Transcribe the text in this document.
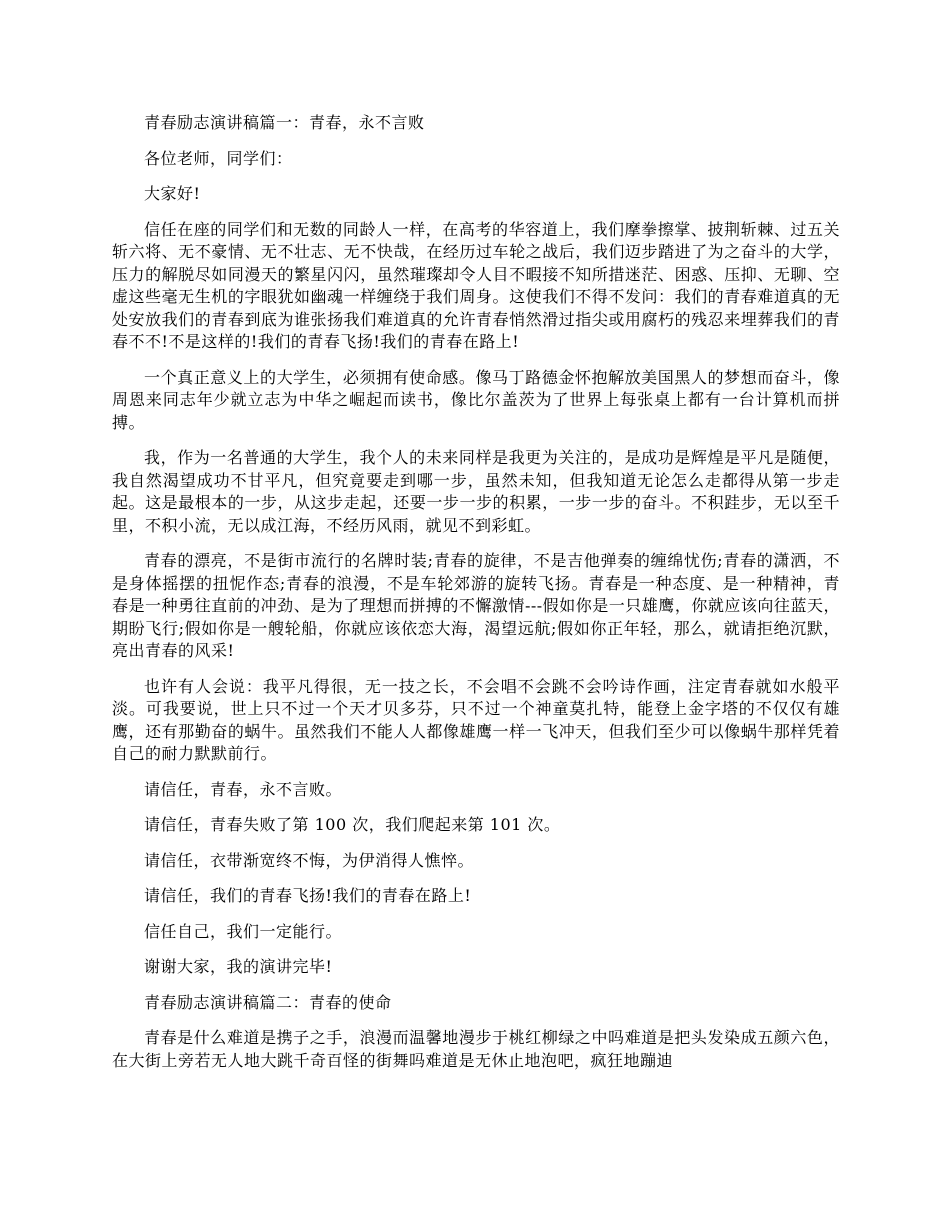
青春励志演讲稿篇一：青春，永不言败

各位老师，同学们：

大家好!

信任在座的同学们和无数的同龄人一样，在高考的华容道上，我们摩拳擦掌、披荆斩棘、过五关斩六将、无不豪情、无不壮志、无不快哉，在经历过车轮之战后，我们迈步踏进了为之奋斗的大学，压力的解脱尽如同漫天的繁星闪闪，虽然璀璨却令人目不暇接不知所措迷茫、困惑、压抑、无聊、空虚这些毫无生机的字眼犹如幽魂一样缠绕于我们周身。这使我们不得不发问：我们的青春难道真的无处安放我们的青春到底为谁张扬我们难道真的允许青春悄然滑过指尖或用腐朽的残忍来埋葬我们的青春不不!不是这样的!我们的青春飞扬!我们的青春在路上!

一个真正意义上的大学生，必须拥有使命感。像马丁路德金怀抱解放美国黑人的梦想而奋斗，像周恩来同志年少就立志为中华之崛起而读书，像比尔盖茨为了世界上每张桌上都有一台计算机而拼搏。

我，作为一名普通的大学生，我个人的未来同样是我更为关注的，是成功是辉煌是平凡是随便，我自然渴望成功不甘平凡，但究竟要走到哪一步，虽然未知，但我知道无论怎么走都得从第一步走起。这是最根本的一步，从这步走起，还要一步一步的积累，一步一步的奋斗。不积跬步，无以至千里，不积小流，无以成江海，不经历风雨，就见不到彩虹。

青春的漂亮，不是街市流行的名牌时装;青春的旋律，不是吉他弹奏的缠绵忧伤;青春的潇洒，不是身体摇摆的扭怩作态;青春的浪漫，不是车轮郊游的旋转飞扬。青春是一种态度、是一种精神，青春是一种勇往直前的冲劲、是为了理想而拼搏的不懈激情---假如你是一只雄鹰，你就应该向往蓝天，期盼飞行;假如你是一艘轮船，你就应该依恋大海，渴望远航;假如你正年轻，那么，就请拒绝沉默，亮出青春的风采!

也许有人会说：我平凡得很，无一技之长，不会唱不会跳不会吟诗作画，注定青春就如水般平淡。可我要说，世上只不过一个天才贝多芬，只不过一个神童莫扎特，能登上金字塔的不仅仅有雄鹰，还有那勤奋的蜗牛。虽然我们不能人人都像雄鹰一样一飞冲天，但我们至少可以像蜗牛那样凭着自己的耐力默默前行。

请信任，青春，永不言败。

请信任，青春失败了第 100 次，我们爬起来第 101 次。

请信任，衣带渐宽终不悔，为伊消得人憔悴。

请信任，我们的青春飞扬!我们的青春在路上!

信任自己，我们一定能行。

谢谢大家，我的演讲完毕!

青春励志演讲稿篇二：青春的使命

青春是什么难道是携子之手，浪漫而温馨地漫步于桃红柳绿之中吗难道是把头发染成五颜六色，在大街上旁若无人地大跳千奇百怪的街舞吗难道是无休止地泡吧，疯狂地蹦迪
